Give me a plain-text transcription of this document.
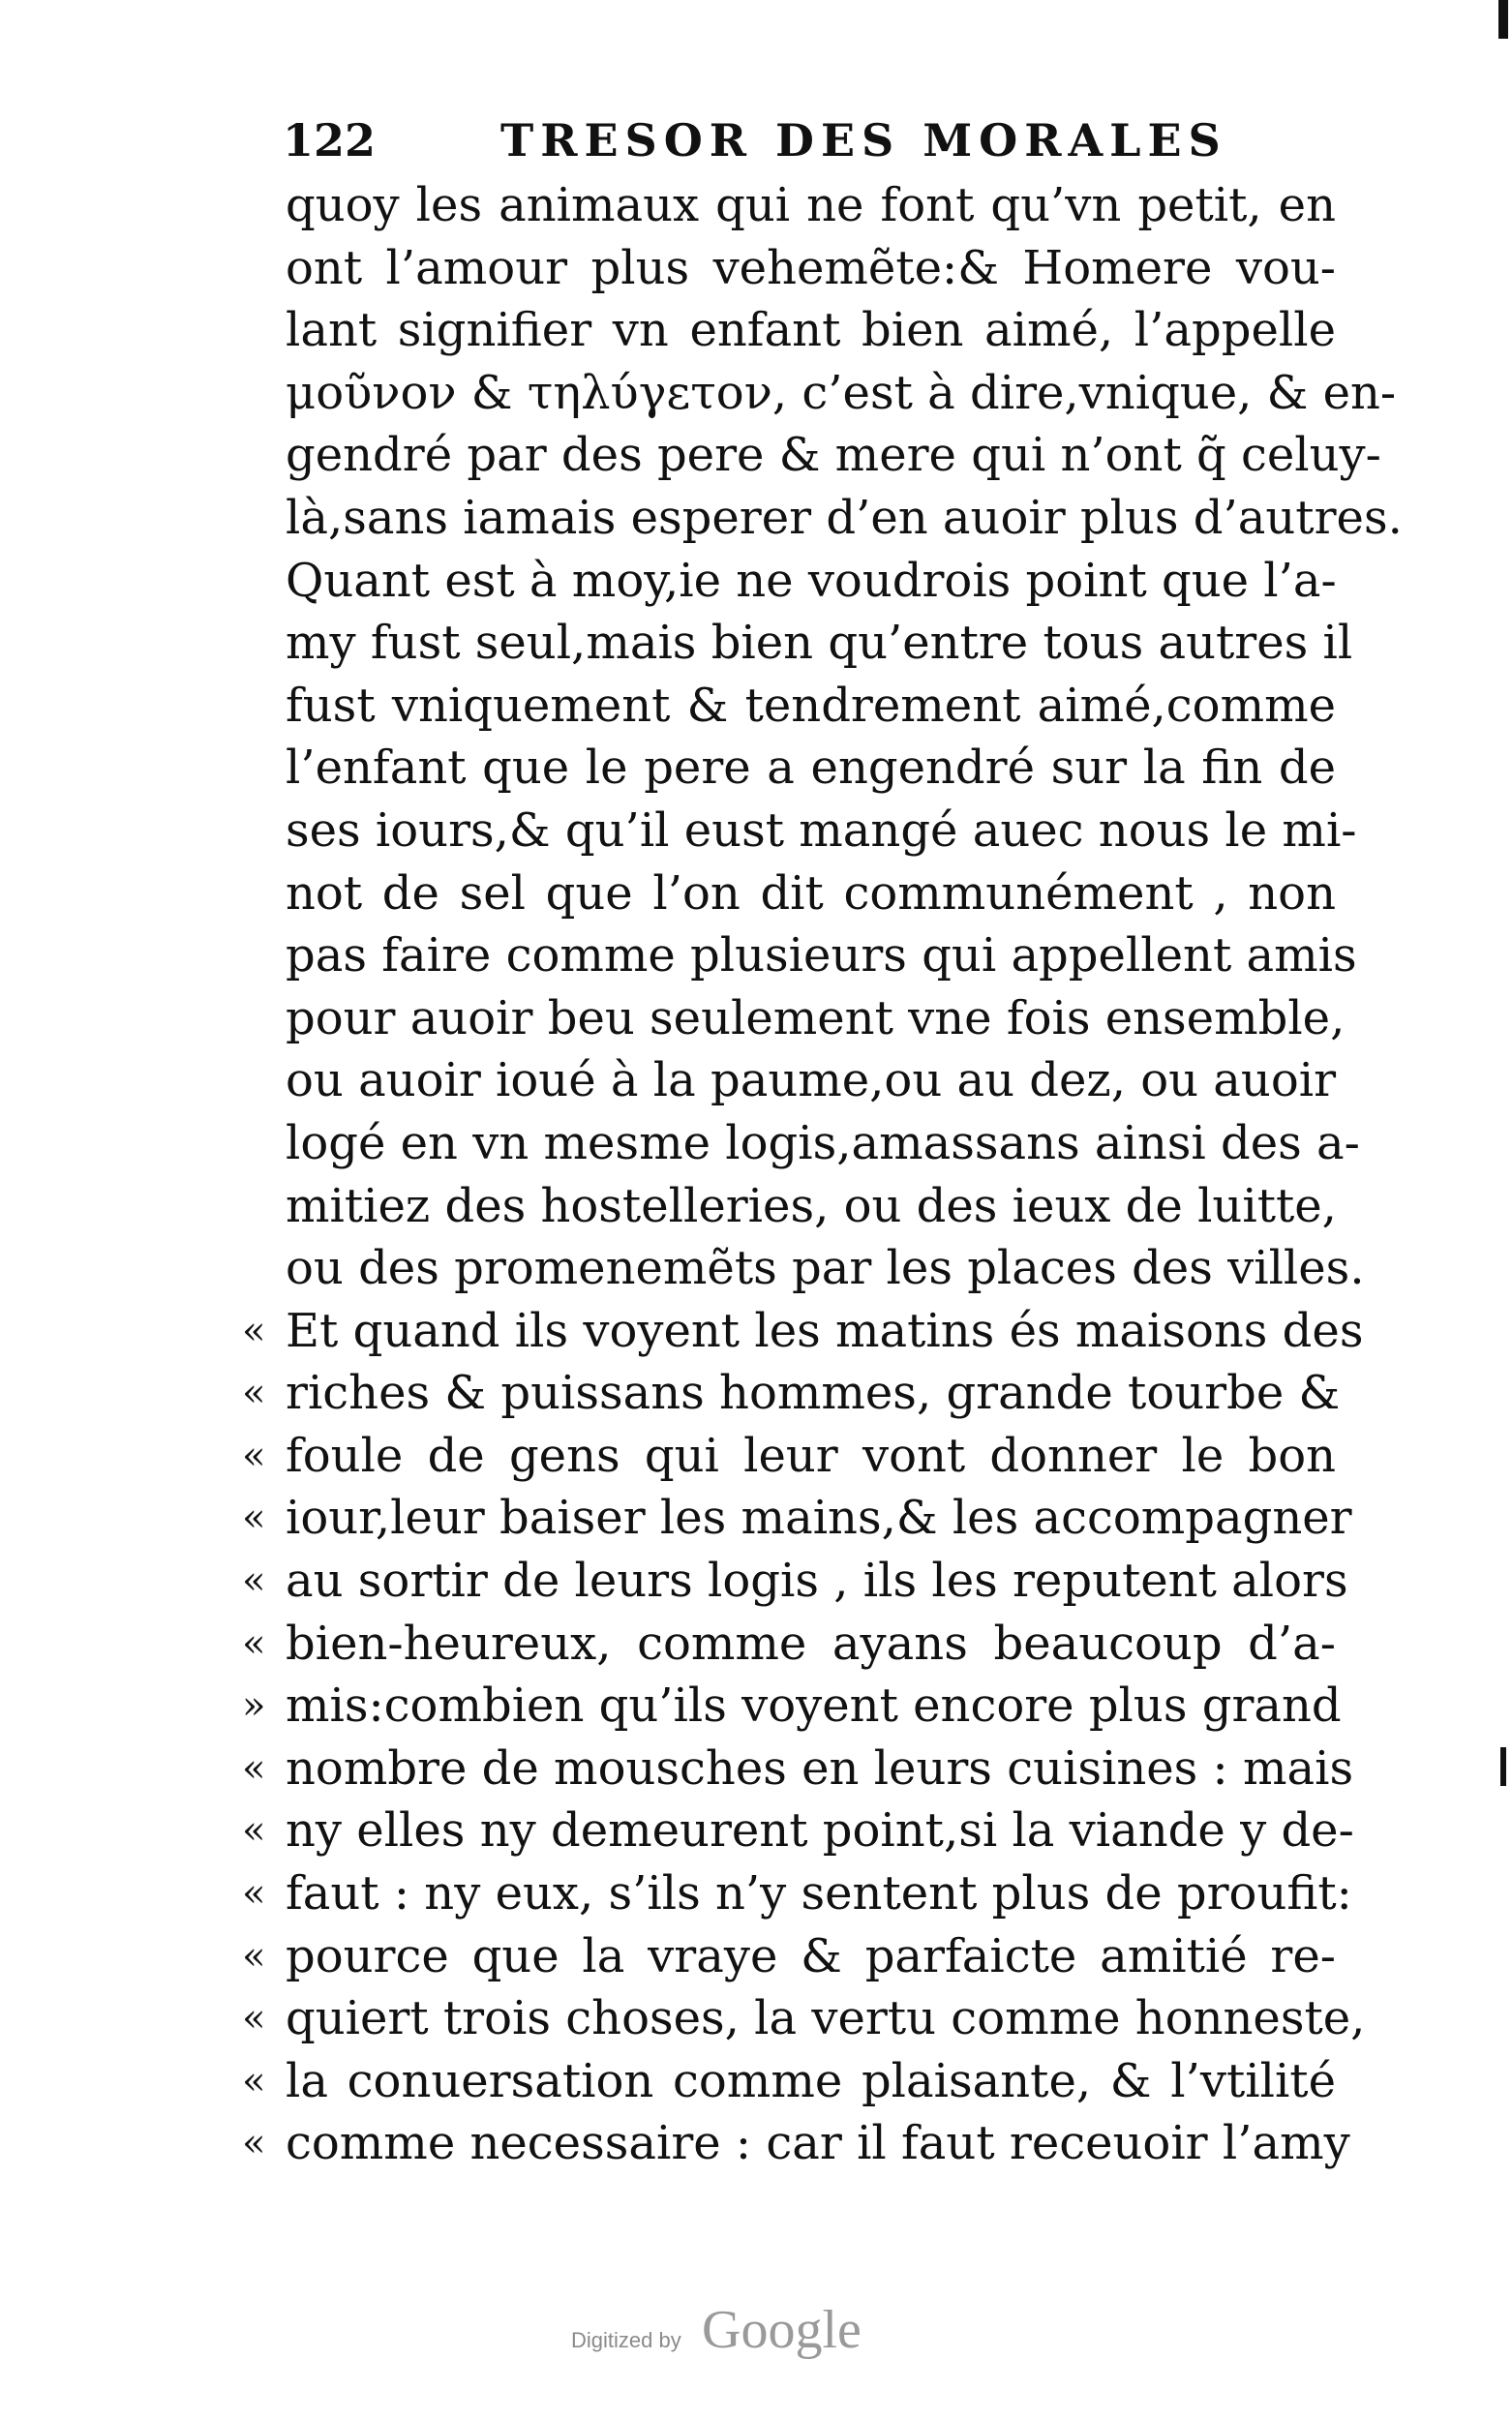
122	TRESOR DES MORALES
quoy les animaux qui ne font qu’vn petit, en
ont l’amour plus vehemẽte:& Homere vou-
lant signifier vn enfant bien aimé, l’appelle
μοῦνον & τηλύγετον, c’est à dire,vnique, & en-
gendré par des pere & mere qui n’ont q̃ celuy-
là,sans iamais esperer d’en auoir plus d’autres.
Quant est à moy,ie ne voudrois point que l’a-
my fust seul,mais bien qu’entre tous autres il
fust vniquement & tendrement aimé,comme
l’enfant que le pere a engendré sur la fin de
ses iours,& qu’il eust mangé auec nous le mi-
not de sel que l’on dit communément , non
pas faire comme plusieurs qui appellent amis
pour auoir beu seulement vne fois ensemble,
ou auoir ioué à la paume,ou au dez, ou auoir
logé en vn mesme logis,amassans ainsi des a-
mitiez des hostelleries, ou des ieux de luitte,
ou des promenemẽts par les places des villes.
« Et quand ils voyent les matins és maisons des
« riches & puissans hommes, grande tourbe &
« foule de gens qui leur vont donner le bon
« iour,leur baiser les mains,& les accompagner
« au sortir de leurs logis , ils les reputent alors
« bien-heureux, comme ayans beaucoup d’a-
» mis:combien qu’ils voyent encore plus grand
« nombre de mousches en leurs cuisines : mais
« ny elles ny demeurent point,si la viande y de-
« faut : ny eux, s’ils n’y sentent plus de proufit:
« pource que la vraye & parfaicte amitié re-
« quiert trois choses, la vertu comme honneste,
« la conuersation comme plaisante, & l’vtilité
« comme necessaire : car il faut receuoir l’amy
Digitized by Google
